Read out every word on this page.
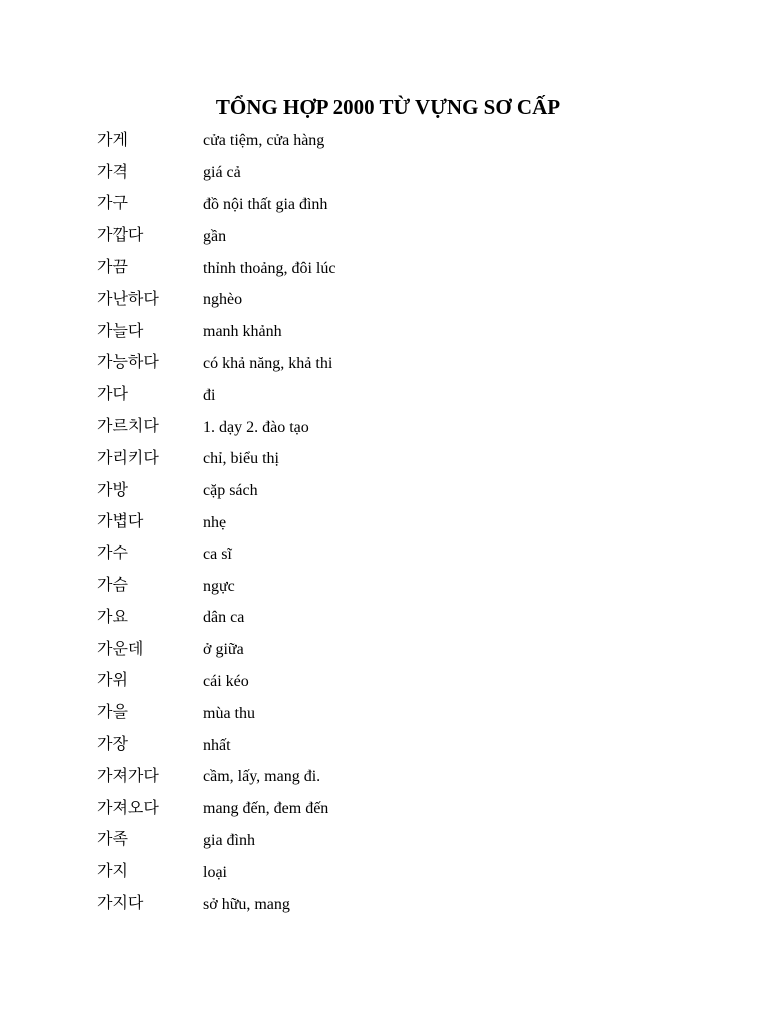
TỔNG HỢP 2000 TỪ VỰNG SƠ CẤP
가게	cửa tiệm, cửa hàng
가격	giá cả
가구	đồ nội thất gia đình
가깝다	gần
가끔	thỉnh thoảng, đôi lúc
가난하다	nghèo
가늘다	manh khảnh
가능하다	có khả năng, khả thi
가다	đi
가르치다	1. dạy 2. đào tạo
가리키다	chỉ, biểu thị
가방	cặp sách
가볍다	nhẹ
가수	ca sĩ
가슴	ngực
가요	dân ca
가운데	ở giữa
가위	cái kéo
가을	mùa thu
가장	nhất
가져가다	cầm, lấy, mang đi.
가져오다	mang đến, đem đến
가족	gia đình
가지	loại
가지다	sở hữu, mang
